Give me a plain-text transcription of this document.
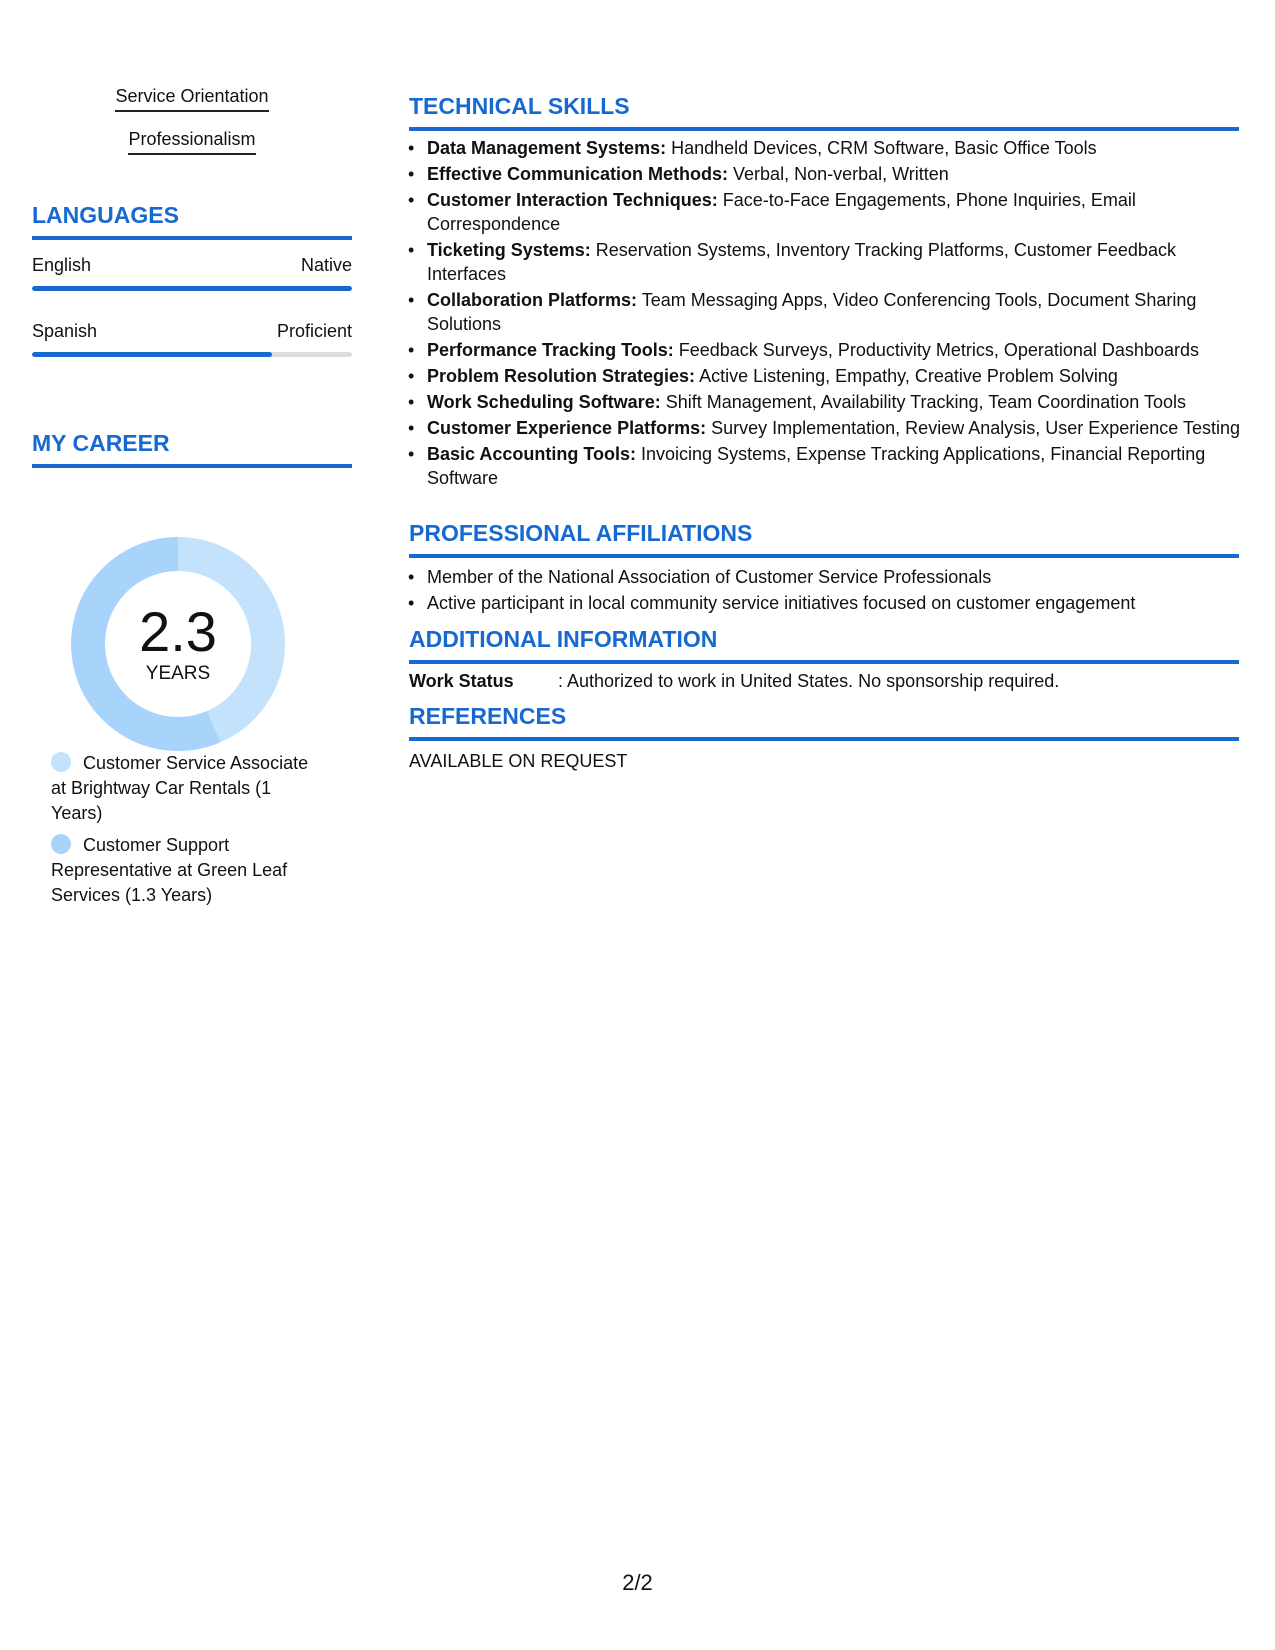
Service Orientation
Professionalism
LANGUAGES
English	Native
Spanish	Proficient
MY CAREER
2.3
YEARS
Customer Service Associate at Brightway Car Rentals (1 Years)
Customer Support Representative at Green Leaf Services (1.3 Years)
TECHNICAL SKILLS
• Data Management Systems: Handheld Devices, CRM Software, Basic Office Tools
• Effective Communication Methods: Verbal, Non-verbal, Written
• Customer Interaction Techniques: Face-to-Face Engagements, Phone Inquiries, Email Correspondence
• Ticketing Systems: Reservation Systems, Inventory Tracking Platforms, Customer Feedback Interfaces
• Collaboration Platforms: Team Messaging Apps, Video Conferencing Tools, Document Sharing Solutions
• Performance Tracking Tools: Feedback Surveys, Productivity Metrics, Operational Dashboards
• Problem Resolution Strategies: Active Listening, Empathy, Creative Problem Solving
• Work Scheduling Software: Shift Management, Availability Tracking, Team Coordination Tools
• Customer Experience Platforms: Survey Implementation, Review Analysis, User Experience Testing
• Basic Accounting Tools: Invoicing Systems, Expense Tracking Applications, Financial Reporting Software
PROFESSIONAL AFFILIATIONS
• Member of the National Association of Customer Service Professionals
• Active participant in local community service initiatives focused on customer engagement
ADDITIONAL INFORMATION
Work Status	: Authorized to work in United States. No sponsorship required.
REFERENCES
AVAILABLE ON REQUEST
2/2
